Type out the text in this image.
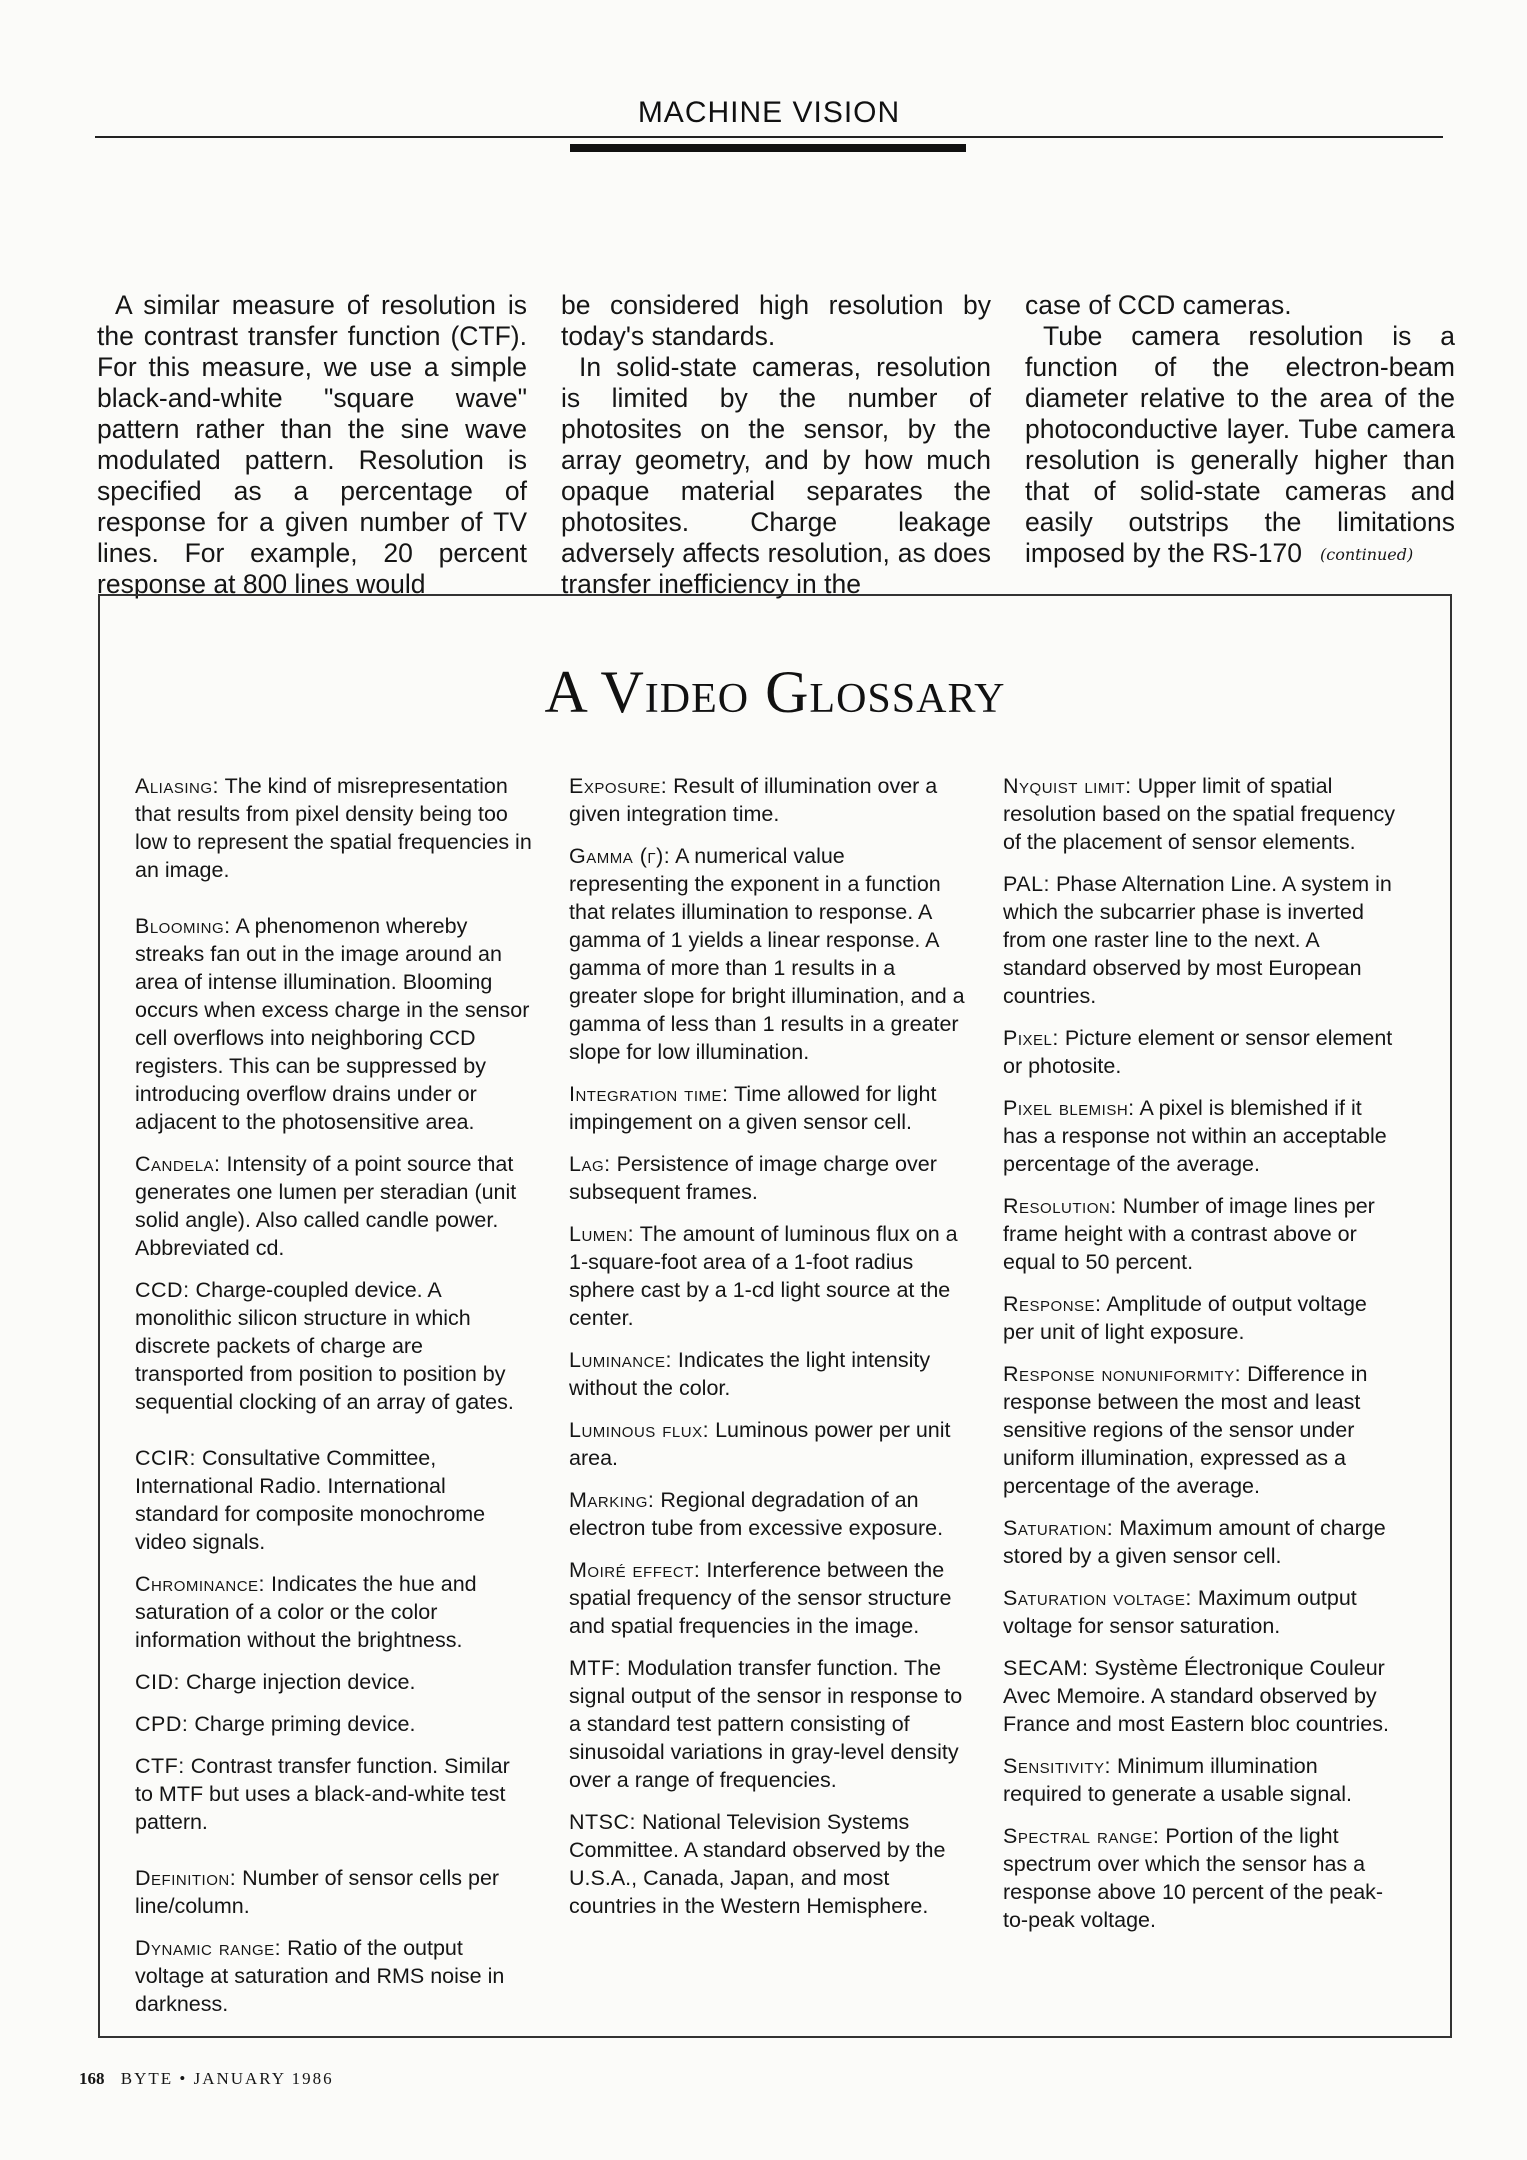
MACHINE VISION

A similar measure of resolution is the contrast transfer function (CTF). For this measure, we use a simple black-and-white "square wave" pattern rather than the sine wave modulated pattern. Resolution is specified as a percentage of response for a given number of TV lines. For example, 20 percent response at 800 lines would

be considered high resolution by today's standards.

In solid-state cameras, resolution is limited by the number of photosites on the sensor, by the array geometry, and by how much opaque material separates the photosites. Charge leakage adversely affects resolution, as does transfer inefficiency in the

case of CCD cameras.

Tube camera resolution is a function of the electron-beam diameter relative to the area of the photoconductive layer. Tube camera resolution is generally higher than that of solid-state cameras and easily outstrips the limitations imposed by the RS-170	(continued)
A Video Glossary

Aliasing: The kind of misrepresentation that results from pixel density being too low to represent the spatial frequencies in an image.

Blooming: A phenomenon whereby streaks fan out in the image around an area of intense illumination. Blooming occurs when excess charge in the sensor cell overflows into neighboring CCD registers. This can be suppressed by introducing overflow drains under or adjacent to the photosensitive area.

Candela: Intensity of a point source that generates one lumen per steradian (unit solid angle). Also called candle power. Abbreviated cd.

CCD: Charge-coupled device. A monolithic silicon structure in which discrete packets of charge are transported from position to position by sequential clocking of an array of gates.

CCIR: Consultative Committee, International Radio. International standard for composite monochrome video signals.

Chrominance: Indicates the hue and saturation of a color or the color information without the brightness.

CID: Charge injection device.

CPD: Charge priming device.

CTF: Contrast transfer function. Similar to MTF but uses a black-and-white test pattern.

Definition: Number of sensor cells per line/column.

Dynamic range: Ratio of the output voltage at saturation and RMS noise in darkness.

Exposure: Result of illumination over a given integration time.

Gamma (γ): A numerical value representing the exponent in a function that relates illumination to response. A gamma of 1 yields a linear response. A gamma of more than 1 results in a greater slope for bright illumination, and a gamma of less than 1 results in a greater slope for low illumination.

Integration time: Time allowed for light impingement on a given sensor cell.

Lag: Persistence of image charge over subsequent frames.

Lumen: The amount of luminous flux on a 1-square-foot area of a 1-foot radius sphere cast by a 1-cd light source at the center.

Luminance: Indicates the light intensity without the color.

Luminous flux: Luminous power per unit area.

Marking: Regional degradation of an electron tube from excessive exposure.

Moiré effect: Interference between the spatial frequency of the sensor structure and spatial frequencies in the image.

MTF: Modulation transfer function. The signal output of the sensor in response to a standard test pattern consisting of sinusoidal variations in gray-level density over a range of frequencies.

NTSC: National Television Systems Committee. A standard observed by the U.S.A., Canada, Japan, and most countries in the Western Hemisphere.

Nyquist limit: Upper limit of spatial resolution based on the spatial frequency of the placement of sensor elements.

PAL: Phase Alternation Line. A system in which the subcarrier phase is inverted from one raster line to the next. A standard observed by most European countries.

Pixel: Picture element or sensor element or photosite.

Pixel blemish: A pixel is blemished if it has a response not within an acceptable percentage of the average.

Resolution: Number of image lines per frame height with a contrast above or equal to 50 percent.

Response: Amplitude of output voltage per unit of light exposure.

Response nonuniformity: Difference in response between the most and least sensitive regions of the sensor under uniform illumination, expressed as a percentage of the average.

Saturation: Maximum amount of charge stored by a given sensor cell.

Saturation voltage: Maximum output voltage for sensor saturation.

SECAM: Système Électronique Couleur Avec Memoire. A standard observed by France and most Eastern bloc countries.

Sensitivity: Minimum illumination required to generate a usable signal.

Spectral range: Portion of the light spectrum over which the sensor has a response above 10 percent of the peak-to-peak voltage.

168 BYTE • JANUARY 1986
